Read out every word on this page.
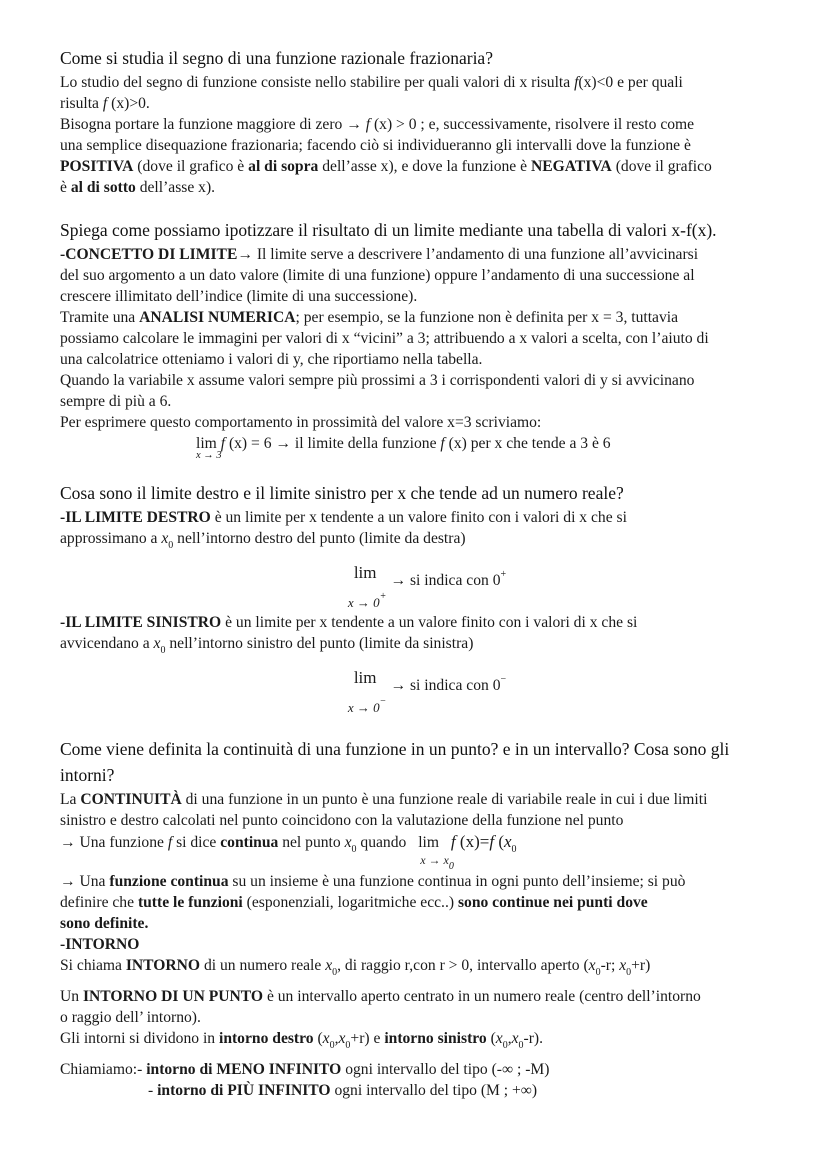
Come si studia il segno di una funzione razionale frazionaria?

Lo studio del segno di funzione consiste nello stabilire per quali valori di x risulta f(x)<0 e per quali

risulta f (x)>0.

Bisogna portare la funzione maggiore di zero → f (x) > 0 ; e, successivamente, risolvere il resto come

una semplice disequazione frazionaria; facendo ciò si individueranno gli intervalli dove la funzione è

POSITIVA (dove il grafico è al di sopra dell’asse x), e dove la funzione è NEGATIVA (dove il grafico

è al di sotto dell’asse x).

Spiega come possiamo ipotizzare il risultato di un limite mediante una tabella di valori x-f(x).

-CONCETTO DI LIMITE→ Il limite serve a descrivere l’andamento di una funzione all’avvicinarsi

del suo argomento a un dato valore (limite di una funzione) oppure l’andamento di una successione al

crescere illimitato dell’indice (limite di una successione).

Tramite una ANALISI NUMERICA; per esempio, se la funzione non è definita per x = 3, tuttavia

possiamo calcolare le immagini per valori di x “vicini” a 3; attribuendo a x valori a scelta, con l’aiuto di

una calcolatrice otteniamo i valori di y, che riportiamo nella tabella.

Quando la variabile x assume valori sempre più prossimi a 3 i corrispondenti valori di y si avvicinano

sempre di più a 6.

Per esprimere questo comportamento in prossimità del valore x=3 scriviamo:

lim
x → 3
f (x) = 6 → il limite della funzione f (x) per x che tende a 3 è 6

Cosa sono il limite destro e il limite sinistro per x che tende ad un numero reale?

-IL LIMITE DESTRO è un limite per x tendente a un valore finito con i valori di x che si

approssimano a $x_0$ nell’intorno destro del punto (limite da destra)

lim
x → 0+
→ si indica con 0+

-IL LIMITE SINISTRO è un limite per x tendente a un valore finito con i valori di x che si

avvicendano a $x_0$ nell’intorno sinistro del punto (limite da sinistra)

lim
x → 0−
→ si indica con 0−

Come viene definita la continuità di una funzione in un punto? e in un intervallo? Cosa sono gli

intorni?

La CONTINUITÀ di una funzione in un punto è una funzione reale di variabile reale in cui i due limiti

sinistro e destro calcolati nel punto coincidono con la valutazione della funzione nel punto

→ Una funzione f si dice continua nel punto $x_0$ quando lim
$x \to x_0$
f (x)=f ($x_0$

→ Una funzione continua su un insieme è una funzione continua in ogni punto dell’insieme; si può

definire che tutte le funzioni (esponenziali, logaritmiche ecc..) sono continue nei punti dove

sono definite.

-INTORNO

Si chiama INTORNO di un numero reale $x_0$, di raggio r,con r > 0, intervallo aperto ($x_0-r$; $x_0+r$)

Un INTORNO DI UN PUNTO è un intervallo aperto centrato in un numero reale (centro dell’intorno

o raggio dell’ intorno).

Gli intorni si dividono in intorno destro $(x_0,x_0+r)$ e intorno sinistro $(x_0,x_0-r)$.

Chiamiamo:- intorno di MENO INFINITO ogni intervallo del tipo (-∞ ; -M)

- intorno di PIÙ INFINITO ogni intervallo del tipo (M ; +∞)
